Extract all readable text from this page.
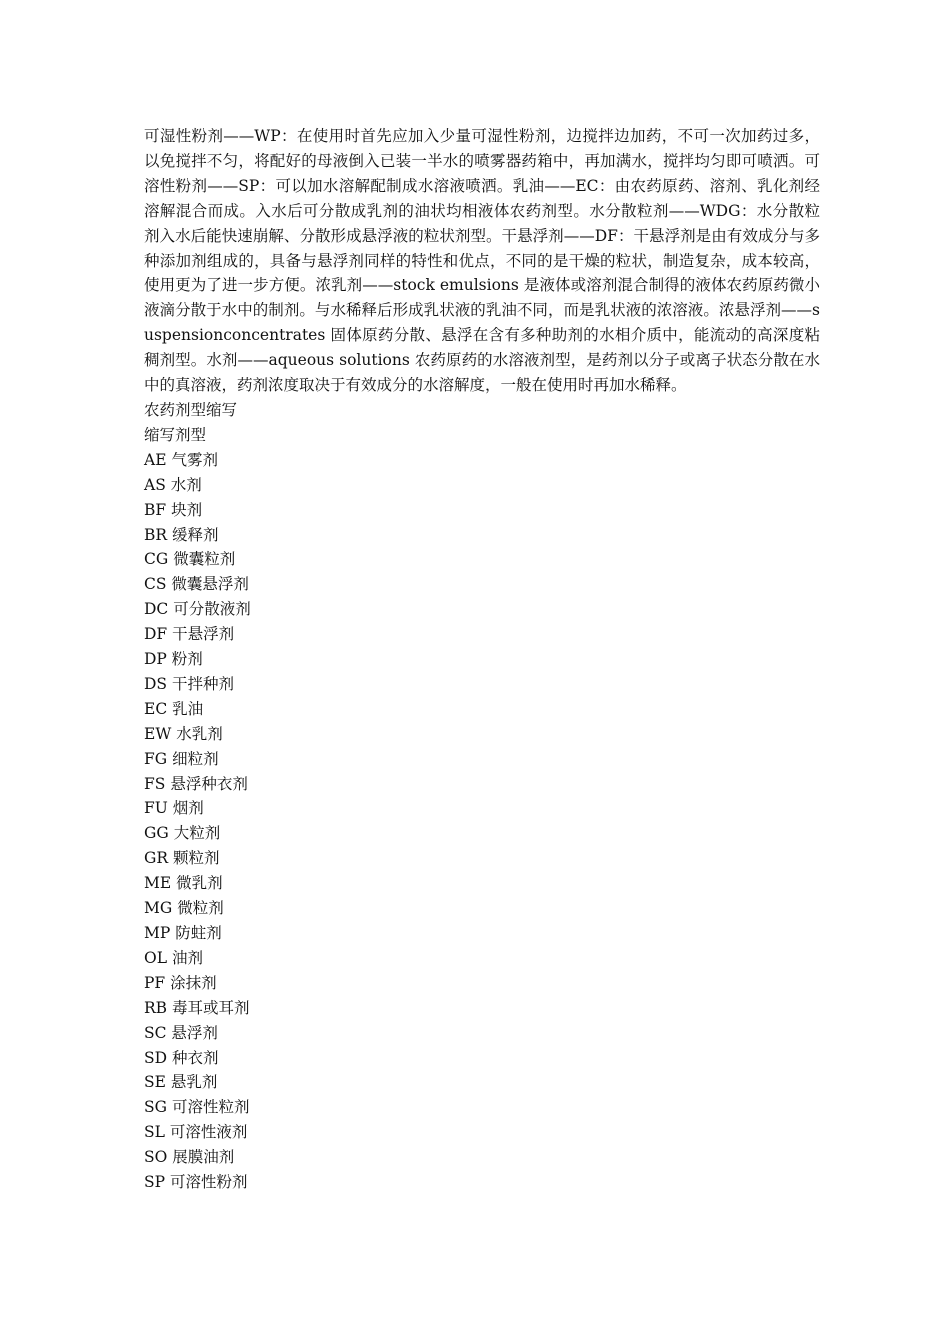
可湿性粉剂——WP：在使用时首先应加入少量可湿性粉剂，边搅拌边加药，不可一次加药过多，以免搅拌不匀，将配好的母液倒入已装一半水的喷雾器药箱中，再加满水，搅拌均匀即可喷洒。可溶性粉剂——SP：可以加水溶解配制成水溶液喷洒。乳油——EC：由农药原药、溶剂、乳化剂经溶解混合而成。入水后可分散成乳剂的油状均相液体农药剂型。水分散粒剂——WDG：水分散粒剂入水后能快速崩解、分散形成悬浮液的粒状剂型。干悬浮剂——DF：干悬浮剂是由有效成分与多种添加剂组成的，具备与悬浮剂同样的特性和优点，不同的是干燥的粒状，制造复杂，成本较高，使用更为了进一步方便。浓乳剂——stock emulsions 是液体或溶剂混合制得的液体农药原药微小液滴分散于水中的制剂。与水稀释后形成乳状液的乳油不同，而是乳状液的浓溶液。浓悬浮剂——suspensionconcentrates 固体原药分散、悬浮在含有多种助剂的水相介质中，能流动的高深度粘稠剂型。水剂——aqueous solutions 农药原药的水溶液剂型，是药剂以分子或离子状态分散在水中的真溶液，药剂浓度取决于有效成分的水溶解度，一般在使用时再加水稀释。

农药剂型缩写
缩写剂型
AE 气雾剂
AS 水剂
BF 块剂
BR 缓释剂
CG 微囊粒剂
CS 微囊悬浮剂
DC 可分散液剂
DF 干悬浮剂
DP 粉剂
DS 干拌种剂
EC 乳油
EW 水乳剂
FG 细粒剂
FS 悬浮种衣剂
FU 烟剂
GG 大粒剂
GR 颗粒剂
ME 微乳剂
MG 微粒剂
MP 防蛀剂
OL 油剂
PF 涂抹剂
RB 毒耳或耳剂
SC 悬浮剂
SD 种衣剂
SE 悬乳剂
SG 可溶性粒剂
SL 可溶性液剂
SO 展膜油剂
SP 可溶性粉剂
